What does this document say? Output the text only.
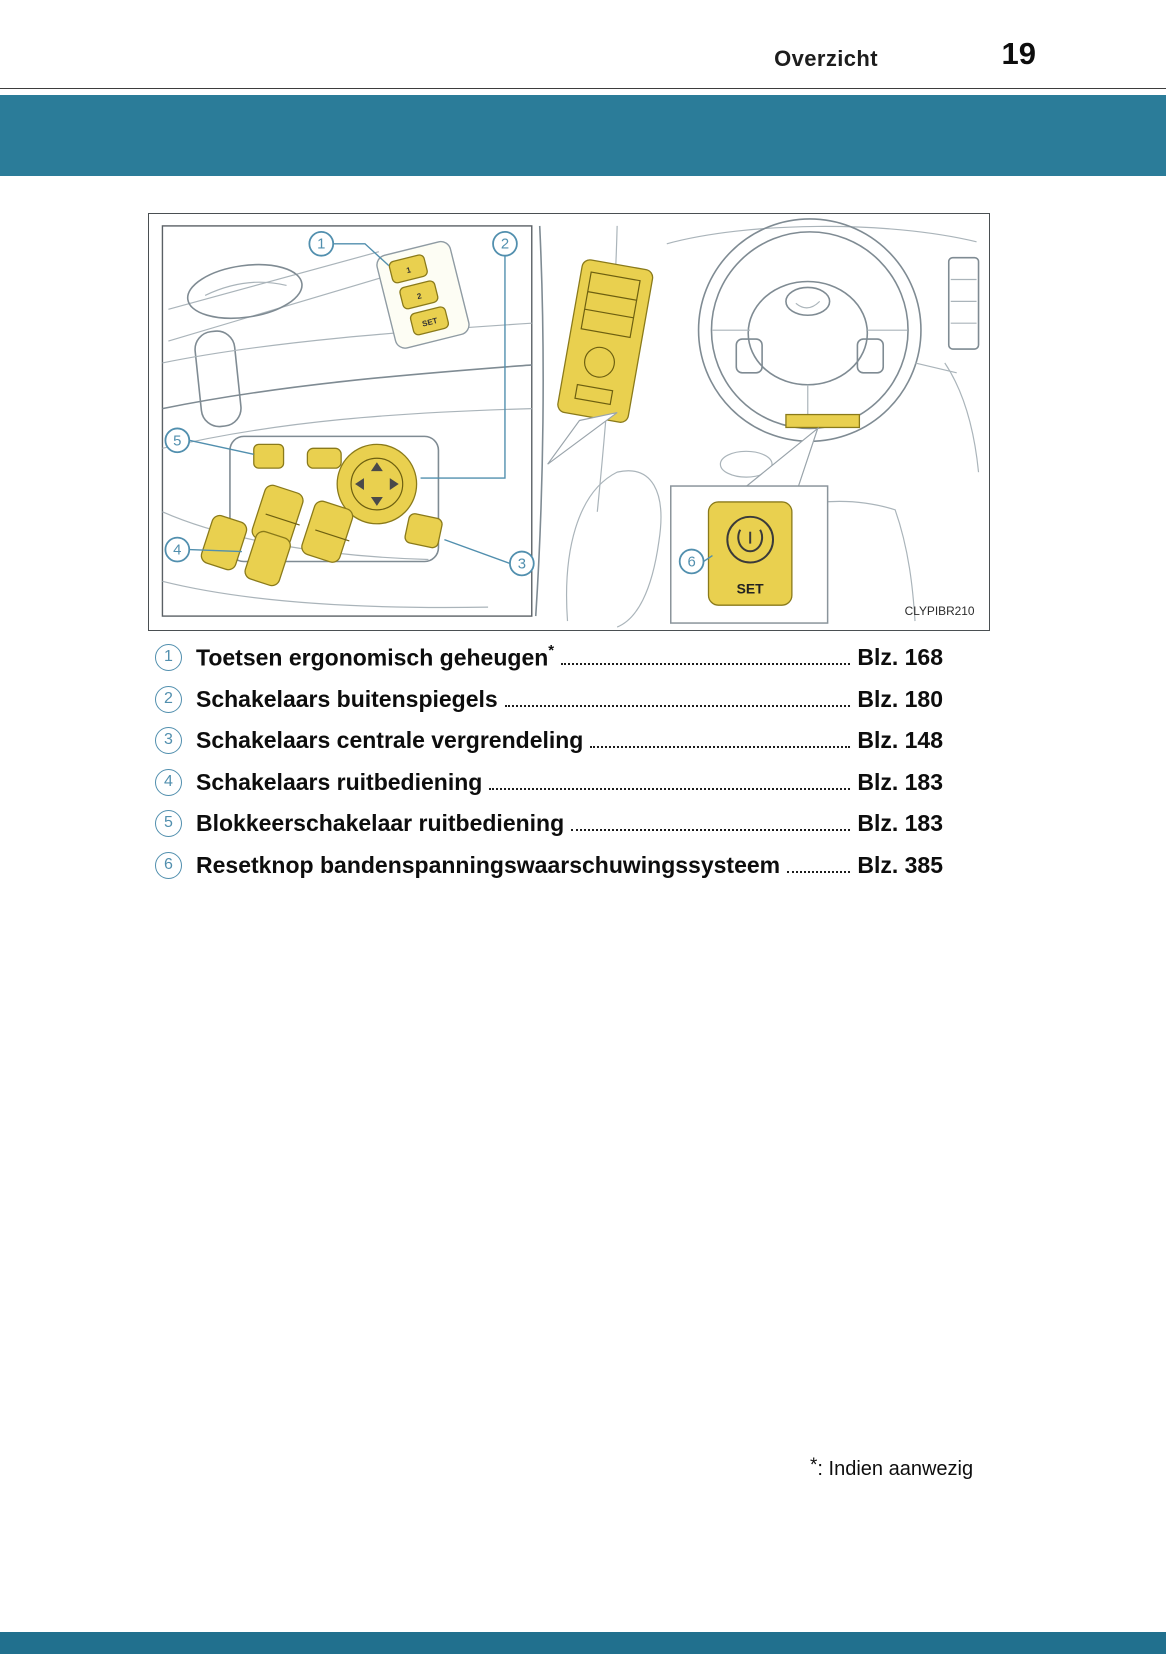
Overzicht	19
1
2
SET
SET
1	2
5
4
3	6
CLYPIBR210
1	Toetsen ergonomisch geheugen*	Blz. 168
2	Schakelaars buitenspiegels	Blz. 180
3	Schakelaars centrale vergrendeling	Blz. 148
4	Schakelaars ruitbediening	Blz. 183
5	Blokkeerschakelaar ruitbediening	Blz. 183
6	Resetknop bandenspanningswaarschuwingssysteem	Blz. 385
*: Indien aanwezig
